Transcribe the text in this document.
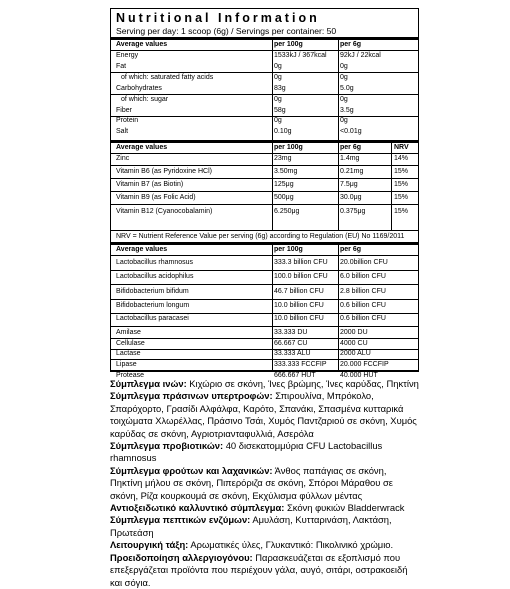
Nutritional Information
Serving per day: 1 scoop (6g) / Servings per container: 50
Average values	per 100g	per 6g
Energy	1533kJ / 367kcal 92kJ / 22kcal
Fat	0g	0g
of which: saturated fatty acids	0g	0g
Carbohydrates	83g	5.0g
of which: sugar	0g	0g
Fiber	58g	3.5g
Protein	0g	0g
Salt	0.10g	<0.01g
Average values	per 100g	per 6g	NRV
Zinc	23mg	1.4mg	14%
Vitamin B6 (as Pyridoxine HCl)	3.50mg	0.21mg	15%
Vitamin B7 (as Biotin)	125μg	7.5μg	15%
Vitamin B9 (as Folic Acid)	500μg	30.0μg	15%
Vitamin B12 (Cyanocobalamin)	6.250μg	0.375μg	15%
NRV = Nutrient Reference Value per serving (6g) according to Regulation (EU) No 1169/2011
Average values	per 100g	per 6g
Lactobacillus rhamnosus	333.3 billion CFU 20.0billion CFU
Lactobacillus acidophilus	100.0 billion CFU 6.0 billion CFU
Bifidobacterium bifidum	46.7 billion CFU 2.8 billion CFU
Bifidobacterium longum	10.0 billion CFU 0.6 billion CFU
Lactobacillus paracasei	10.0 billion CFU 0.6 billion CFU
Amilase	33.333 DU	2000 DU
Cellulase	66.667 CU	4000 CU
Lactase	33.333 ALU	2000 ALU
Lipase	333.333 FCCFIP 20.000 FCCFIP
Protease	666.667 HUT	40.000 HUT

Σύμπλεγμα ινών: Κιχώριο σε σκόνη, Ίνες βρώμης, Ίνες καρύδας, Πηκτίνη

Σύμπλεγμα πράσινων υπερτροφών: Σπιρουλίνα, Μπρόκολο, Σπαρόχορτο, Γρασίδι Αλφάλφα, Καρότο, Σπανάκι, Σπασμένα κυτταρικά τοιχώματα Χλωρέλλας, Πράσινο Τσάι, Χυμός Παντζαριού σε σκόνη, Χυμός καρύδας σε σκόνη, Αγριοτριανταφυλλιά, Ασερόλα

Σύμπλεγμα προβιοτικών: 40 δισεκατομμύρια CFU Lactobacillus rhamnosus

Σύμπλεγμα φρούτων και λαχανικών: Άνθος παπάγιας σε σκόνη, Πηκτίνη μήλου σε σκόνη, Πιπερόριζα σε σκόνη, Σπόροι Μάραθου σε σκόνη, Ρίζα κουρκουμά σε σκόνη, Εκχύλισμα φύλλων μέντας

Αντιοξειδωτικό καλλυντικό σύμπλεγμα: Σκόνη φυκιών Bladderwrack

Σύμπλεγμα πεπτικών ενζύμων: Αμυλάση, Κυτταρινάση, Λακτάση, Πρωτεάση

Λειτουργική τάξη: Αρωματικές ύλες, Γλυκαντικό: Πικολινικό χρώμιο.

Προειδοποίηση αλλεργιογόνου: Παρασκευάζεται σε εξοπλισμό που επεξεργάζεται προϊόντα που περιέχουν γάλα, αυγό, σιτάρι, οστρακοειδή και σόγια.
